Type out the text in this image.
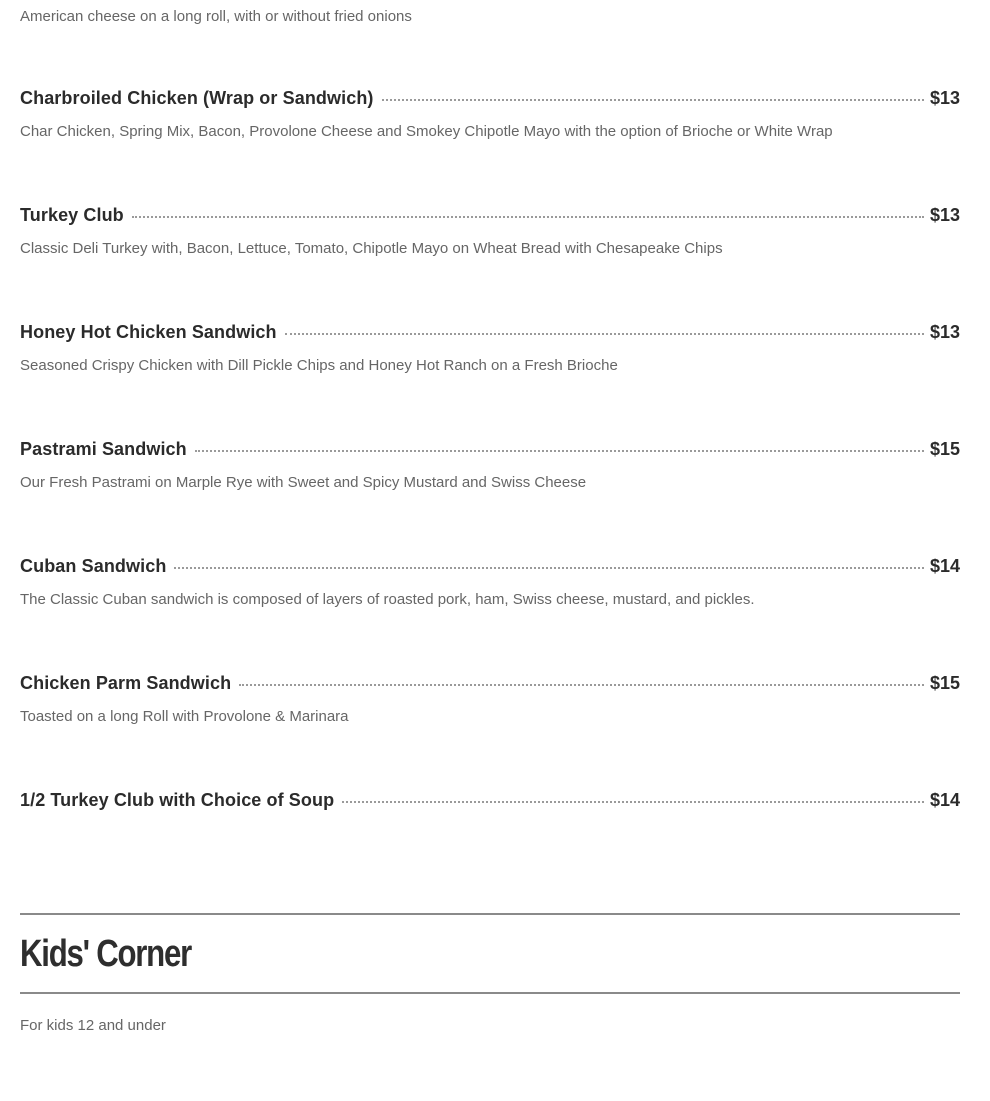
American cheese on a long roll, with or without fried onions
Charbroiled Chicken (Wrap or Sandwich)	$13
Char Chicken, Spring Mix, Bacon, Provolone Cheese and Smokey Chipotle Mayo with the option of Brioche or White Wrap
Turkey Club	$13
Classic Deli Turkey with, Bacon, Lettuce, Tomato, Chipotle Mayo on Wheat Bread with Chesapeake Chips
Honey Hot Chicken Sandwich	$13
Seasoned Crispy Chicken with Dill Pickle Chips and Honey Hot Ranch on a Fresh Brioche
Pastrami Sandwich	$15
Our Fresh Pastrami on Marple Rye with Sweet and Spicy Mustard and Swiss Cheese
Cuban Sandwich	$14
The Classic Cuban sandwich is composed of layers of roasted pork, ham, Swiss cheese, mustard, and pickles.
Chicken Parm Sandwich	$15
Toasted on a long Roll with Provolone & Marinara
1/2 Turkey Club with Choice of Soup	$14
Kids' Corner
For kids 12 and under
